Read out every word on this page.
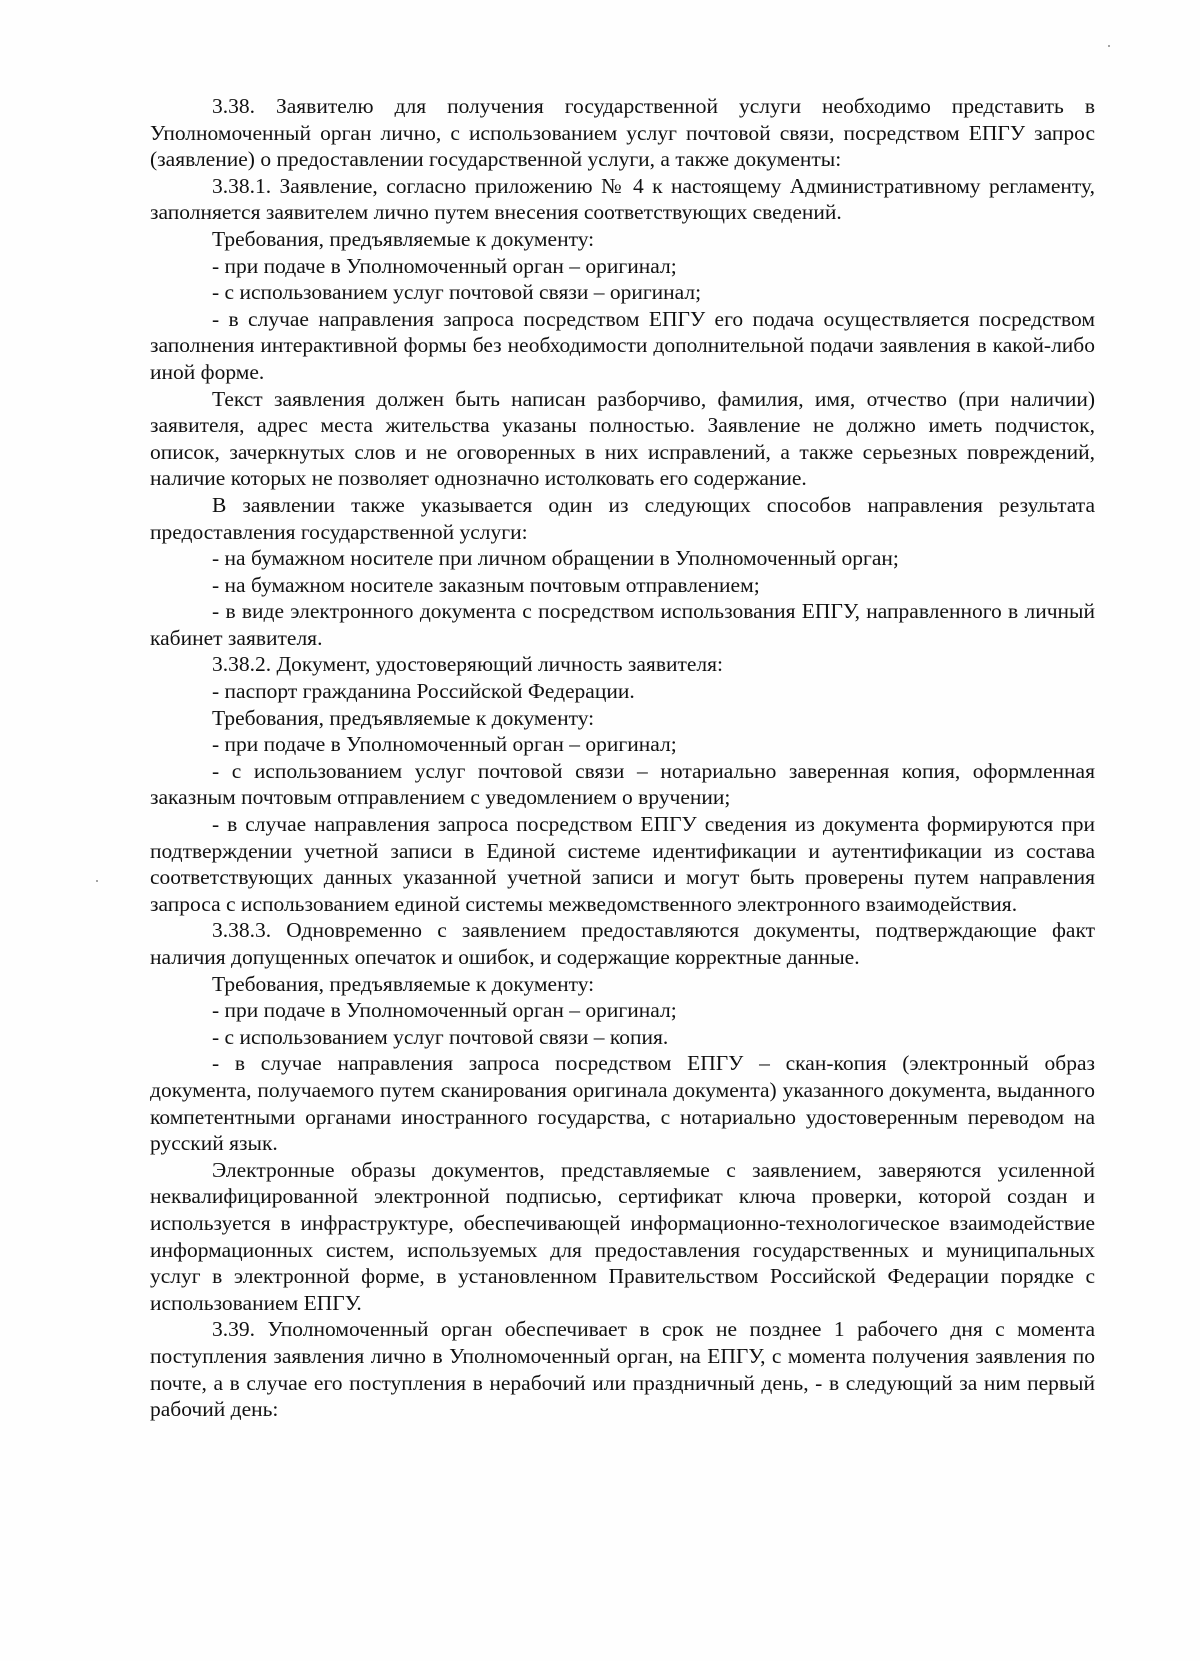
3.38. Заявителю для получения государственной услуги необходимо представить в Уполномоченный орган лично, с использованием услуг почтовой связи, посредством ЕПГУ запрос (заявление) о предоставлении государственной услуги, а также документы:

3.38.1. Заявление, согласно приложению № 4 к настоящему Административному регламенту, заполняется заявителем лично путем внесения соответствующих сведений.

Требования, предъявляемые к документу:

- при подаче в Уполномоченный орган – оригинал;

- с использованием услуг почтовой связи – оригинал;

- в случае направления запроса посредством ЕПГУ его подача осуществляется посредством заполнения интерактивной формы без необходимости дополнительной подачи заявления в какой-либо иной форме.

Текст заявления должен быть написан разборчиво, фамилия, имя, отчество (при наличии) заявителя, адрес места жительства указаны полностью. Заявление не должно иметь подчисток, описок, зачеркнутых слов и не оговоренных в них исправлений, а также серьезных повреждений, наличие которых не позволяет однозначно истолковать его содержание.

В заявлении также указывается один из следующих способов направления результата предоставления государственной услуги:

- на бумажном носителе при личном обращении в Уполномоченный орган;

- на бумажном носителе заказным почтовым отправлением;

- в виде электронного документа с посредством использования ЕПГУ, направленного в личный кабинет заявителя.

3.38.2. Документ, удостоверяющий личность заявителя:

- паспорт гражданина Российской Федерации.

Требования, предъявляемые к документу:

- при подаче в Уполномоченный орган – оригинал;

- с использованием услуг почтовой связи – нотариально заверенная копия, оформленная заказным почтовым отправлением с уведомлением о вручении;

- в случае направления запроса посредством ЕПГУ сведения из документа формируются при подтверждении учетной записи в Единой системе идентификации и аутентификации из состава соответствующих данных указанной учетной записи и могут быть проверены путем направления запроса с использованием единой системы межведомственного электронного взаимодействия.

3.38.3. Одновременно с заявлением предоставляются документы, подтверждающие факт наличия допущенных опечаток и ошибок, и содержащие корректные данные.

Требования, предъявляемые к документу:

- при подаче в Уполномоченный орган – оригинал;

- с использованием услуг почтовой связи – копия.

- в случае направления запроса посредством ЕПГУ – скан-копия (электронный образ документа, получаемого путем сканирования оригинала документа) указанного документа, выданного компетентными органами иностранного государства, с нотариально удостоверенным переводом на русский язык.

Электронные образы документов, представляемые с заявлением, заверяются усиленной неквалифицированной электронной подписью, сертификат ключа проверки, которой создан и используется в инфраструктуре, обеспечивающей информационно-технологическое взаимодействие информационных систем, используемых для предоставления государственных и муниципальных услуг в электронной форме, в установленном Правительством Российской Федерации порядке с использованием ЕПГУ.

3.39. Уполномоченный орган обеспечивает в срок не позднее 1 рабочего дня с момента поступления заявления лично в Уполномоченный орган, на ЕПГУ, с момента получения заявления по почте, а в случае его поступления в нерабочий или праздничный день, - в следующий за ним первый рабочий день:
